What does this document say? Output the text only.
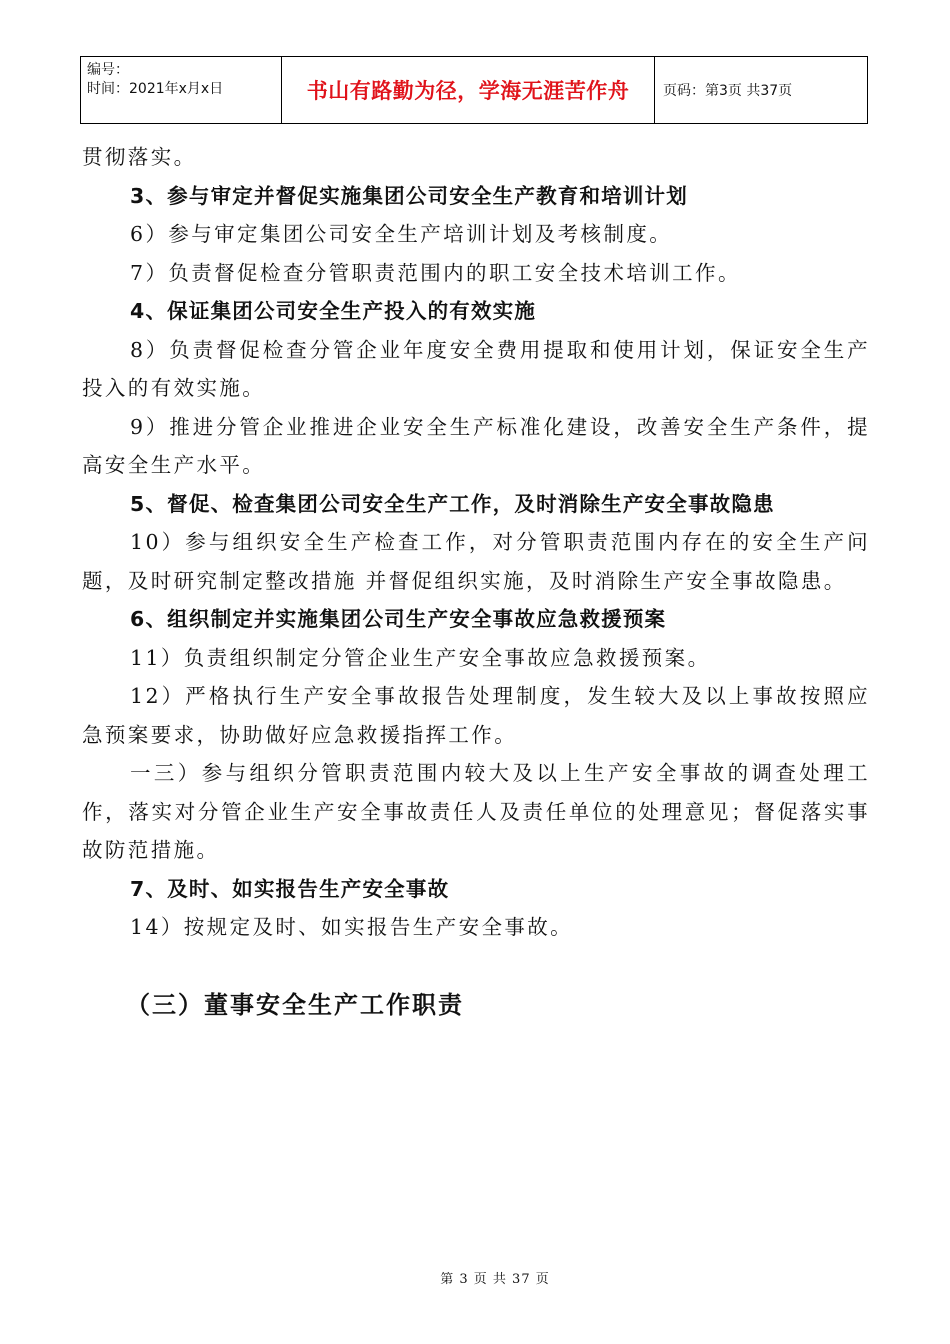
编号：
时间：2021年x月x日	书山有路勤为径，学海无涯苦作舟	页码：第3页 共37页

贯彻落实。

3、参与审定并督促实施集团公司安全生产教育和培训计划

6）参与审定集团公司安全生产培训计划及考核制度。

7）负责督促检查分管职责范围内的职工安全技术培训工作。

4、保证集团公司安全生产投入的有效实施

8）负责督促检查分管企业年度安全费用提取和使用计划，保证安全生产投入的有效实施。

9）推进分管企业推进企业安全生产标准化建设，改善安全生产条件，提高安全生产水平。

5、督促、检查集团公司安全生产工作，及时消除生产安全事故隐患

10）参与组织安全生产检查工作，对分管职责范围内存在的安全生产问题，及时研究制定整改措施 并督促组织实施，及时消除生产安全事故隐患。

6、组织制定并实施集团公司生产安全事故应急救援预案

11）负责组织制定分管企业生产安全事故应急救援预案。

12）严格执行生产安全事故报告处理制度，发生较大及以上事故按照应急预案要求，协助做好应急救援指挥工作。

一三）参与组织分管职责范围内较大及以上生产安全事故的调查处理工作，落实对分管企业生产安全事故责任人及责任单位的处理意见；督促落实事故防范措施。

7、及时、如实报告生产安全事故

14）按规定及时、如实报告生产安全事故。

（三）董事安全生产工作职责

第 3 页 共 37 页
